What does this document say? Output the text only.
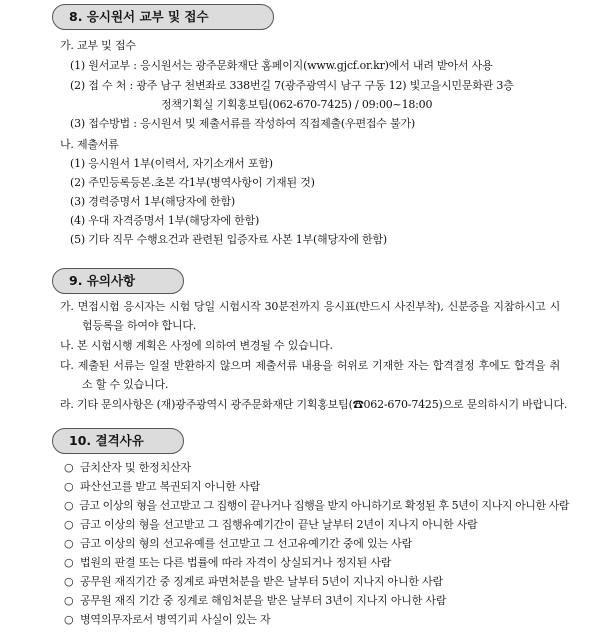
8. 응시원서 교부 및 접수
가. 교부 및 접수
(1) 원서교부 : 응시원서는 광주문화재단 홈페이지(www.gjcf.or.kr)에서 내려 받아서 사용
(2) 접 수 처 : 광주 남구 천변좌로 338번길 7(광주광역시 남구 구동 12) 빛고을시민문화관 3층
정책기획실 기획홍보팀(062-670-7425) / 09:00~18:00
(3) 접수방법 : 응시원서 및 제출서류를 작성하여 직접제출(우편접수 불가)
나. 제출서류
(1) 응시원서 1부(이력서, 자기소개서 포함)
(2) 주민등록등본․초본 각1부(병역사항이 기재된 것)
(3) 경력증명서 1부(해당자에 한함)
(4) 우대 자격증명서 1부(해당자에 한함)
(5) 기타 직무 수행요건과 관련된 입증자료 사본 1부(해당자에 한함)
9. 유의사항
가. 면접시험 응시자는 시험 당일 시험시작 30분전까지 응시표(반드시 사진부착), 신분증을 지참하시고 시
험등록을 하여야 합니다.
나. 본 시험시행 계획은 사정에 의하여 변경될 수 있습니다.
다. 제출된 서류는 일절 반환하지 않으며 제출서류 내용을 허위로 기재한 자는 합격결정 후에도 합격을 취
소 할 수 있습니다.
라. 기타 문의사항은 (재)광주광역시 광주문화재단 기획홍보팀(☎062-670-7425)으로 문의하시기 바랍니다.
10. 결격사유
○ 금치산자 및 한정치산자
○ 파산선고를 받고 복권되지 아니한 사람
○ 금고 이상의 형을 선고받고 그 집행이 끝나거나 집행을 받지 아니하기로 확정된 후 5년이 지나지 아니한 사람
○ 금고 이상의 형을 선고받고 그 집행유예기간이 끝난 날부터 2년이 지나지 아니한 사람
○ 금고 이상의 형의 선고유예를 선고받고 그 선고유예기간 중에 있는 사람
○ 법원의 판결 또는 다른 법률에 따라 자격이 상실되거나 정지된 사람
○ 공무원 재직기간 중 징계로 파면처분을 받은 날부터 5년이 지나지 아니한 사람
○ 공무원 재직 기간 중 징계로 해임처분을 받은 날부터 3년이 지나지 아니한 사람
○ 병역의무자로서 병역기피 사실이 있는 자
